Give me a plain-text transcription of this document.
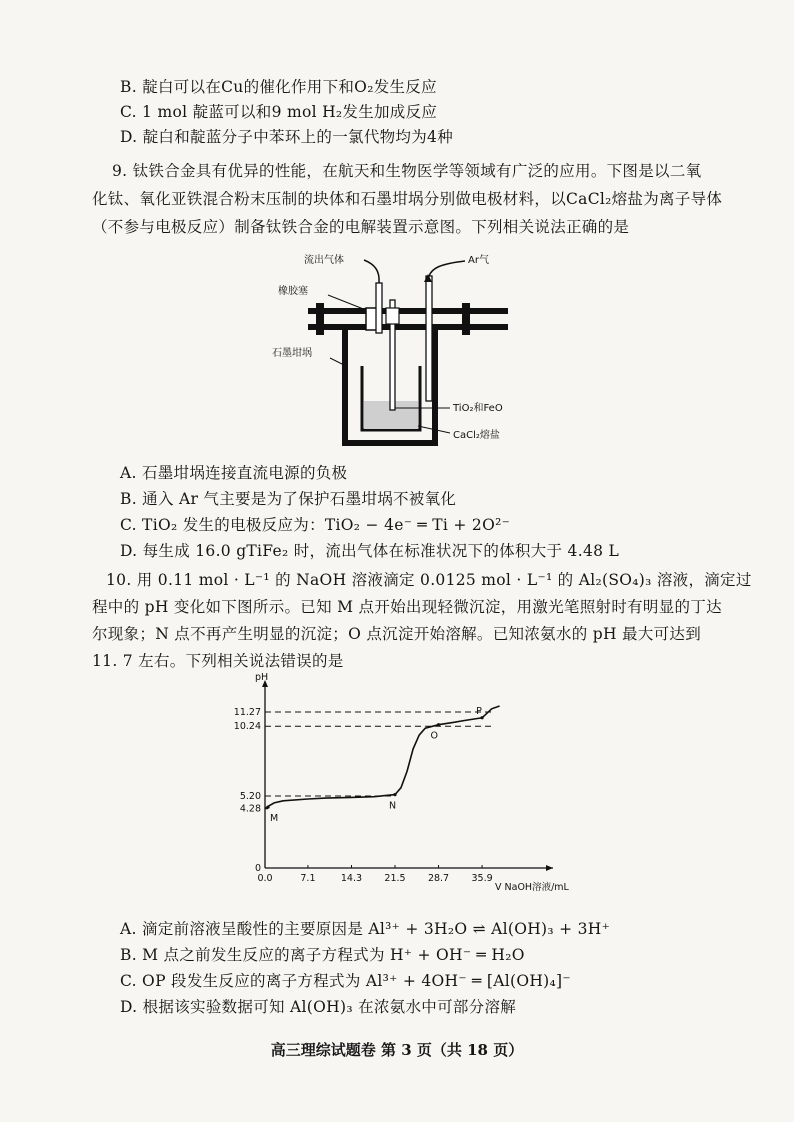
B. 靛白可以在Cu的催化作用下和O₂发生反应
C. 1 mol 靛蓝可以和9 mol H₂发生加成反应
D. 靛白和靛蓝分子中苯环上的一氯代物均为4种
9. 钛铁合金具有优异的性能，在航天和生物医学等领域有广泛的应用。下图是以二氧
化钛、氧化亚铁混合粉末压制的块体和石墨坩埚分别做电极材料，以CaCl₂熔盐为离子导体
（不参与电极反应）制备钛铁合金的电解装置示意图。下列相关说法正确的是
流出气体	Ar气
橡胶塞
石墨坩埚
TiO₂和FeO
CaCl₂熔盐
A. 石墨坩埚连接直流电源的负极
B. 通入 Ar 气主要是为了保护石墨坩埚不被氧化
C. TiO₂ 发生的电极反应为：TiO₂ − 4e⁻ ═ Ti + 2O²⁻
D. 每生成 16.0 gTiFe₂ 时，流出气体在标准状况下的体积大于 4.48 L
10. 用 0.11 mol · L⁻¹ 的 NaOH 溶液滴定 0.0125 mol · L⁻¹ 的 Al₂(SO₄)₃ 溶液，滴定过
程中的 pH 变化如下图所示。已知 M 点开始出现轻微沉淀，用激光笔照射时有明显的丁达
尔现象；N 点不再产生明显的沉淀；O 点沉淀开始溶解。已知浓氨水的 pH 最大可达到
11. 7 左右。下列相关说法错误的是
pH
V NaOH溶液/mL
0.0	7.1	14.3 21.5 28.7 35.9
0
4.28
5.20
10.24
11.27
M
N
O
P
A. 滴定前溶液呈酸性的主要原因是 Al³⁺ + 3H₂O ⇌ Al(OH)₃ + 3H⁺
B. M 点之前发生反应的离子方程式为 H⁺ + OH⁻ ═ H₂O
C. OP 段发生反应的离子方程式为 Al³⁺ + 4OH⁻ ═ [Al(OH)₄]⁻
D. 根据该实验数据可知 Al(OH)₃ 在浓氨水中可部分溶解
高三理综试题卷 第 3 页（共 18 页）
